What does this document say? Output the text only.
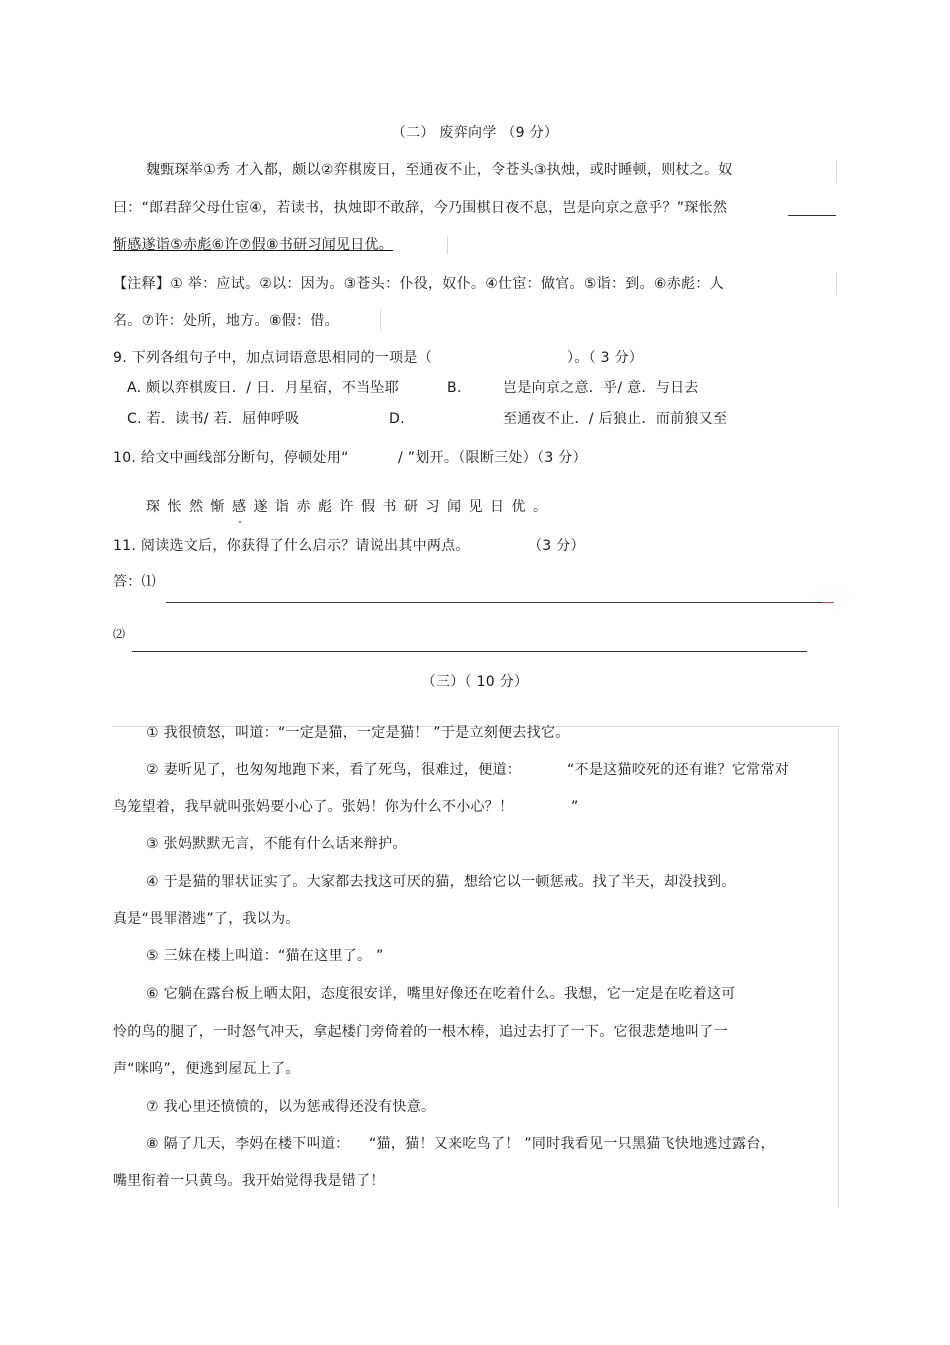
（二） 废弈向学 （9 分）
魏甄琛举①秀 才入都，颇以②弈棋废日，至通夜不止，令苍头③执烛，或时睡顿，则杖之。奴
曰：“郎君辞父母仕宦④，若读书，执烛即不敢辞，今乃围棋日夜不息，岂是向京之意乎？”琛怅然
惭感遂诣⑤赤彪⑥许⑦假⑧书研习闻见日优。
【注释】① 举：应试。②以：因为。③苍头：仆役，奴仆。④仕宦：做官。⑤诣：到。⑥赤彪：人
名。⑦许：处所，地方。⑧假：借。
9. 下列各组句子中，加点词语意思相同的一项是（	）。（ 3 分）
A. 颇以弈棋废日．/ 日．月星宿，不当坠耶	B.	岂是向京之意．乎/ 意．与日去
C. 若．读书/ 若．屈伸呼吸	D.	至通夜不止．/ 后狼止．而前狼又至
10. 给文中画线部分断句，停顿处用“	/ ”划开。（限断三处）（3 分）
琛怅然惭感遂诣赤彪许假书研习闻见日优。
11. 阅读选文后，你获得了什么启示？请说出其中两点。	（3 分）
答：⑴
⑵
（三）（ 10 分）
① 我很愤怒，叫道：“一定是猫，一定是猫！ ”于是立刻便去找它。
② 妻听见了，也匆匆地跑下来，看了死鸟，很难过，便道：	“不是这猫咬死的还有谁？它常常对
鸟笼望着，我早就叫张妈要小心了。张妈！你为什么不小心？！	”
③ 张妈默默无言，不能有什么话来辩护。
④ 于是猫的罪状证实了。大家都去找这可厌的猫，想给它以一顿惩戒。找了半天，却没找到。
真是“畏罪潜逃”了，我以为。
⑤ 三妹在楼上叫道：“猫在这里了。 ”
⑥ 它躺在露台板上晒太阳，态度很安详，嘴里好像还在吃着什么。我想，它一定是在吃着这可
怜的鸟的腿了，一时怒气冲天，拿起楼门旁倚着的一根木棒，追过去打了一下。它很悲楚地叫了一
声“咪呜”，便逃到屋瓦上了。
⑦ 我心里还愤愤的，以为惩戒得还没有快意。
⑧ 隔了几天，李妈在楼下叫道： “猫，猫！又来吃鸟了！ ”同时我看见一只黑猫飞快地逃过露台，
嘴里衔着一只黄鸟。我开始觉得我是错了！
